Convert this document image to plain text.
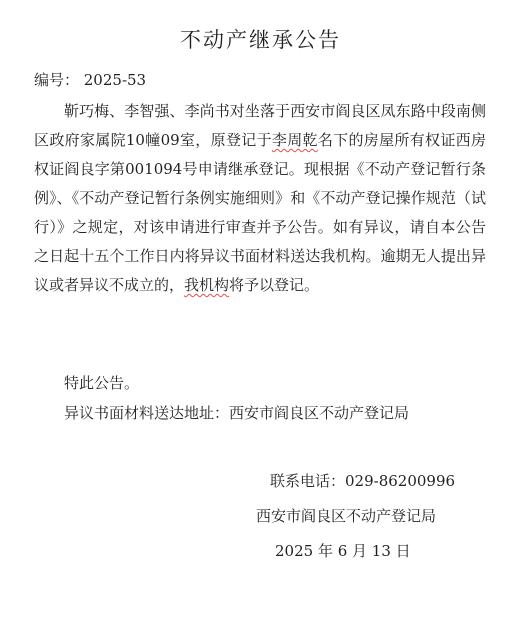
不动产继承公告
编号： 2025-53

靳巧梅、李智强、李尚书对坐落于西安市阎良区凤东路中段南侧区政府家属院10幢09室，原登记于李周乾名下的房屋所有权证西房权证阎良字第001094号申请继承登记。现根据《不动产登记暂行条例》、《不动产登记暂行条例实施细则》和《不动产登记操作规范（试行）》之规定，对该申请进行审查并予公告。如有异议，请自本公告之日起十五个工作日内将异议书面材料送达我机构。逾期无人提出异议或者异议不成立的，我机构将予以登记。

特此公告。

异议书面材料送达地址：西安市阎良区不动产登记局

联系电话：029-86200996

西安市阎良区不动产登记局

2025 年 6 月 13 日
